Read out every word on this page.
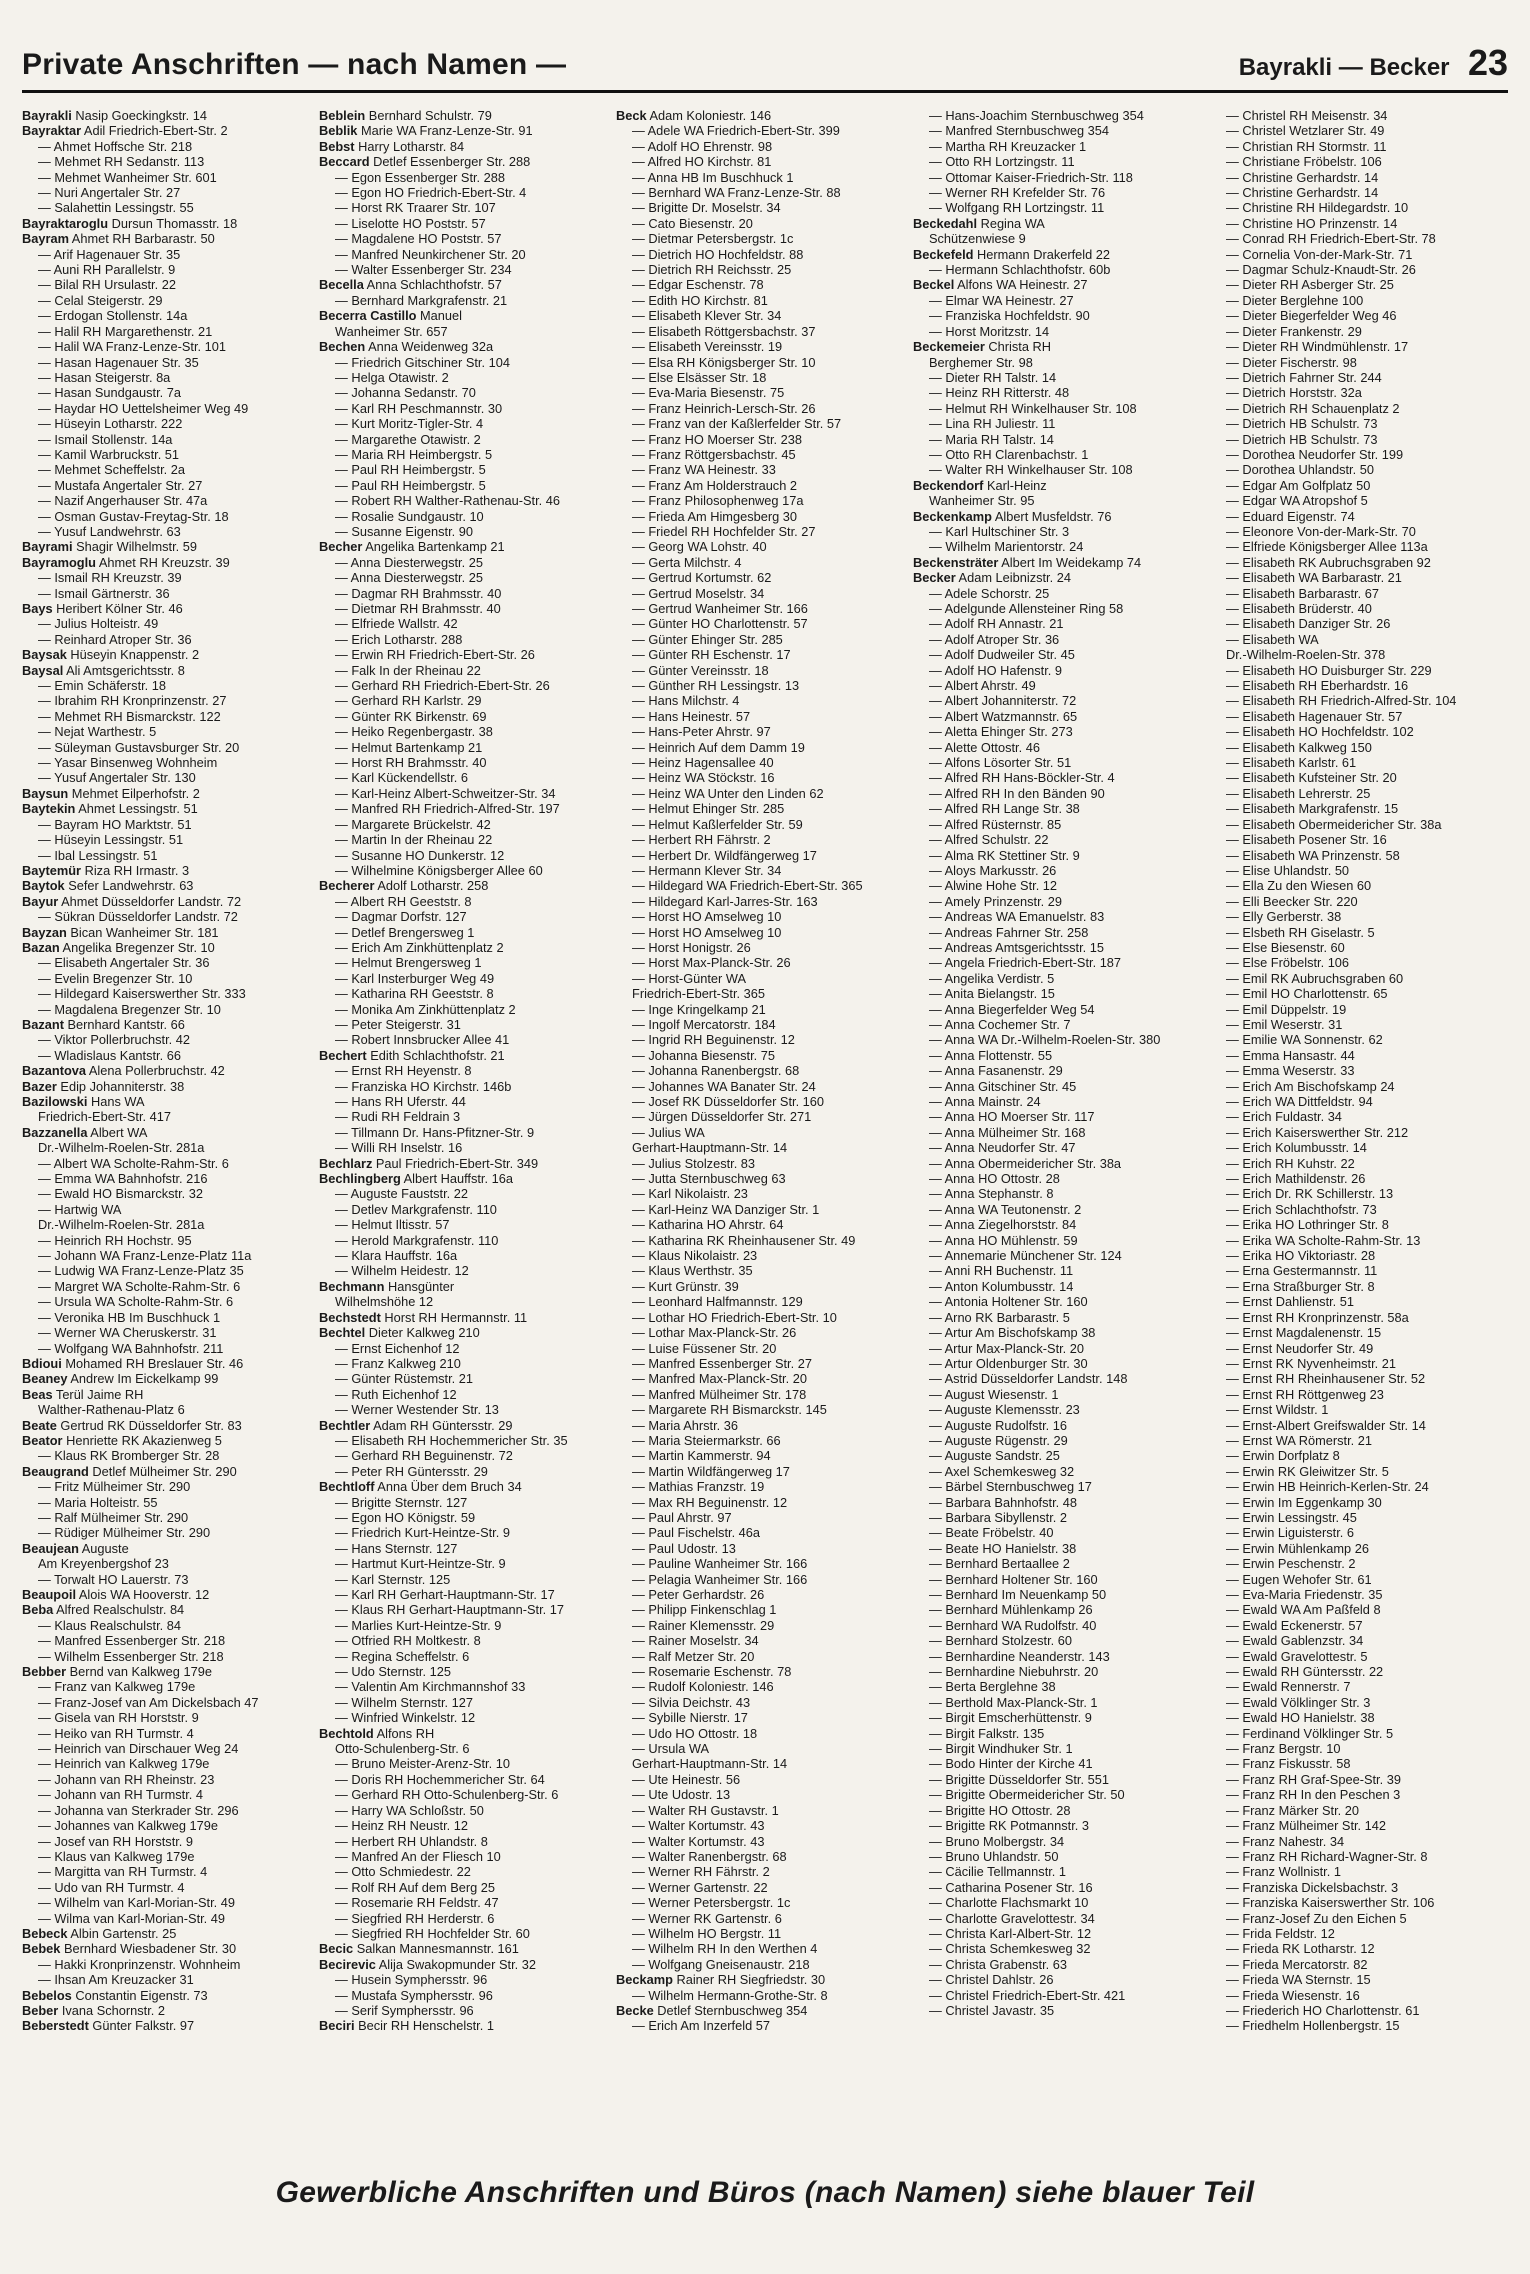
Private Anschriften — nach Namen —	Bayrakli — Becker 23
Bayrakli Nasip Goeckingkstr. 14
Bayraktar Adil Friedrich-Ebert-Str. 2
— Ahmet Hoffsche Str. 218
— Mehmet RH Sedanstr. 113
— Mehmet Wanheimer Str. 601
— Nuri Angertaler Str. 27
— Salahettin Lessingstr. 55
Bayraktaroglu Dursun Thomasstr. 18
Bayram Ahmet RH Barbarastr. 50
— Arif Hagenauer Str. 35
— Auni RH Parallelstr. 9
— Bilal RH Ursulastr. 22
— Celal Steigerstr. 29
— Erdogan Stollenstr. 14a
— Halil RH Margarethenstr. 21
— Halil WA Franz-Lenze-Str. 101
— Hasan Hagenauer Str. 35
— Hasan Steigerstr. 8a
— Hasan Sundgaustr. 7a
— Haydar HO Uettelsheimer Weg 49
— Hüseyin Lotharstr. 222
— Ismail Stollenstr. 14a
— Kamil Warbruckstr. 51
— Mehmet Scheffelstr. 2a
— Mustafa Angertaler Str. 27
— Nazif Angerhauser Str. 47a
— Osman Gustav-Freytag-Str. 18
— Yusuf Landwehrstr. 63
Bayrami Shagir Wilhelmstr. 59
Bayramoglu Ahmet RH Kreuzstr. 39
— Ismail RH Kreuzstr. 39
— Ismail Gärtnerstr. 36
Bays Heribert Kölner Str. 46
— Julius Holteistr. 49
— Reinhard Atroper Str. 36
Baysak Hüseyin Knappenstr. 2
Baysal Ali Amtsgerichtsstr. 8
— Emin Schäferstr. 18
— Ibrahim RH Kronprinzenstr. 27
— Mehmet RH Bismarckstr. 122
— Nejat Warthestr. 5
— Süleyman Gustavsburger Str. 20
— Yasar Binsenweg Wohnheim
— Yusuf Angertaler Str. 130
Baysun Mehmet Eilperhofstr. 2
Baytekin Ahmet Lessingstr. 51
— Bayram HO Marktstr. 51
— Hüseyin Lessingstr. 51
— Ibal Lessingstr. 51
Baytemür Riza RH Irmastr. 3
Baytok Sefer Landwehrstr. 63
Bayur Ahmet Düsseldorfer Landstr. 72
— Sükran Düsseldorfer Landstr. 72
Bayzan Bican Wanheimer Str. 181
Bazan Angelika Bregenzer Str. 10
— Elisabeth Angertaler Str. 36
— Evelin Bregenzer Str. 10
— Hildegard Kaiserswerther Str. 333
— Magdalena Bregenzer Str. 10
Bazant Bernhard Kantstr. 66
— Viktor Pollerbruchstr. 42
— Wladislaus Kantstr. 66
Bazantova Alena Pollerbruchstr. 42
Bazer Edip Johanniterstr. 38
Bazilowski Hans WA
Friedrich-Ebert-Str. 417
Bazzanella Albert WA
Dr.-Wilhelm-Roelen-Str. 281a
— Albert WA Scholte-Rahm-Str. 6
— Emma WA Bahnhofstr. 216
— Ewald HO Bismarckstr. 32
— Hartwig WA
Dr.-Wilhelm-Roelen-Str. 281a
— Heinrich RH Hochstr. 95
— Johann WA Franz-Lenze-Platz 11a
— Ludwig WA Franz-Lenze-Platz 35
— Margret WA Scholte-Rahm-Str. 6
— Ursula WA Scholte-Rahm-Str. 6
— Veronika HB Im Buschhuck 1
— Werner WA Cheruskerstr. 31
— Wolfgang WA Bahnhofstr. 211
Bdioui Mohamed RH Breslauer Str. 46
Beaney Andrew Im Eickelkamp 99
Beas Terül Jaime RH
Walther-Rathenau-Platz 6
Beate Gertrud RK Düsseldorfer Str. 83
Beator Henriette RK Akazienweg 5
— Klaus RK Bromberger Str. 28
Beaugrand Detlef Mülheimer Str. 290
— Fritz Mülheimer Str. 290
— Maria Holteistr. 55
— Ralf Mülheimer Str. 290
— Rüdiger Mülheimer Str. 290
Beaujean Auguste
Am Kreyenbergshof 23
— Torwalt HO Lauerstr. 73
Beaupoil Alois WA Hooverstr. 12
Beba Alfred Realschulstr. 84
— Klaus Realschulstr. 84
— Manfred Essenberger Str. 218
— Wilhelm Essenberger Str. 218
Bebber Bernd van Kalkweg 179e
— Franz van Kalkweg 179e
— Franz-Josef van Am Dickelsbach 47
— Gisela van RH Horststr. 9
— Heiko van RH Turmstr. 4
— Heinrich van Dirschauer Weg 24
— Heinrich van Kalkweg 179e
— Johann van RH Rheinstr. 23
— Johann van RH Turmstr. 4
— Johanna van Sterkrader Str. 296
— Johannes van Kalkweg 179e
— Josef van RH Horststr. 9
— Klaus van Kalkweg 179e
— Margitta van RH Turmstr. 4
— Udo van RH Turmstr. 4
— Wilhelm van Karl-Morian-Str. 49
— Wilma van Karl-Morian-Str. 49
Bebeck Albin Gartenstr. 25
Bebek Bernhard Wiesbadener Str. 30
— Hakki Kronprinzenstr. Wohnheim
— Ihsan Am Kreuzacker 31
Bebelos Constantin Eigenstr. 73
Beber Ivana Schornstr. 2
Beberstedt Günter Falkstr. 97
Beblein Bernhard Schulstr. 79
Beblik Marie WA Franz-Lenze-Str. 91
Bebst Harry Lotharstr. 84
Beccard Detlef Essenberger Str. 288
— Egon Essenberger Str. 288
— Egon HO Friedrich-Ebert-Str. 4
— Horst RK Traarer Str. 107
— Liselotte HO Poststr. 57
— Magdalene HO Poststr. 57
— Manfred Neunkirchener Str. 20
— Walter Essenberger Str. 234
Becella Anna Schlachthofstr. 57
— Bernhard Markgrafenstr. 21
Becerra Castillo Manuel
Wanheimer Str. 657
Bechen Anna Weidenweg 32a
— Friedrich Gitschiner Str. 104
— Helga Otawistr. 2
— Johanna Sedanstr. 70
— Karl RH Peschmannstr. 30
— Kurt Moritz-Tigler-Str. 4
— Margarethe Otawistr. 2
— Maria RH Heimbergstr. 5
— Paul RH Heimbergstr. 5
— Paul RH Heimbergstr. 5
— Robert RH Walther-Rathenau-Str. 46
— Rosalie Sundgaustr. 10
— Susanne Eigenstr. 90
Becher Angelika Bartenkamp 21
— Anna Diesterwegstr. 25
— Anna Diesterwegstr. 25
— Dagmar RH Brahmsstr. 40
— Dietmar RH Brahmsstr. 40
— Elfriede Wallstr. 42
— Erich Lotharstr. 288
— Erwin RH Friedrich-Ebert-Str. 26
— Falk In der Rheinau 22
— Gerhard RH Friedrich-Ebert-Str. 26
— Gerhard RH Karlstr. 29
— Günter RK Birkenstr. 69
— Heiko Regenbergastr. 38
— Helmut Bartenkamp 21
— Horst RH Brahmsstr. 40
— Karl Kückendellstr. 6
— Karl-Heinz Albert-Schweitzer-Str. 34
— Manfred RH Friedrich-Alfred-Str. 197
— Margarete Brückelstr. 42
— Martin In der Rheinau 22
— Susanne HO Dunkerstr. 12
— Wilhelmine Königsberger Allee 60
Becherer Adolf Lotharstr. 258
— Albert RH Geeststr. 8
— Dagmar Dorfstr. 127
— Detlef Brengersweg 1
— Erich Am Zinkhüttenplatz 2
— Helmut Brengersweg 1
— Karl Insterburger Weg 49
— Katharina RH Geeststr. 8
— Monika Am Zinkhüttenplatz 2
— Peter Steigerstr. 31
— Robert Innsbrucker Allee 41
Bechert Edith Schlachthofstr. 21
— Ernst RH Heyenstr. 8
— Franziska HO Kirchstr. 146b
— Hans RH Uferstr. 44
— Rudi RH Feldrain 3
— Tillmann Dr. Hans-Pfitzner-Str. 9
— Willi RH Inselstr. 16
Bechlarz Paul Friedrich-Ebert-Str. 349
Bechlingberg Albert Hauffstr. 16a
— Auguste Fauststr. 22
— Detlev Markgrafenstr. 110
— Helmut Iltisstr. 57
— Herold Markgrafenstr. 110
— Klara Hauffstr. 16a
— Wilhelm Heidestr. 12
Bechmann Hansgünter
Wilhelmshöhe 12
Bechstedt Horst RH Hermannstr. 11
Bechtel Dieter Kalkweg 210
— Ernst Eichenhof 12
— Franz Kalkweg 210
— Günter Rüstemstr. 21
— Ruth Eichenhof 12
— Werner Westender Str. 13
Bechtler Adam RH Güntersstr. 29
— Elisabeth RH Hochemmericher Str. 35
— Gerhard RH Beguinenstr. 72
— Peter RH Güntersstr. 29
Bechtloff Anna Über dem Bruch 34
— Brigitte Sternstr. 127
— Egon HO Königstr. 59
— Friedrich Kurt-Heintze-Str. 9
— Hans Sternstr. 127
— Hartmut Kurt-Heintze-Str. 9
— Karl Sternstr. 125
— Karl RH Gerhart-Hauptmann-Str. 17
— Klaus RH Gerhart-Hauptmann-Str. 17
— Marlies Kurt-Heintze-Str. 9
— Otfried RH Moltkestr. 8
— Regina Scheffelstr. 6
— Udo Sternstr. 125
— Valentin Am Kirchmannshof 33
— Wilhelm Sternstr. 127
— Winfried Winkelstr. 12
Bechtold Alfons RH
Otto-Schulenberg-Str. 6
— Bruno Meister-Arenz-Str. 10
— Doris RH Hochemmericher Str. 64
— Gerhard RH Otto-Schulenberg-Str. 6
— Harry WA Schloßstr. 50
— Heinz RH Neustr. 12
— Herbert RH Uhlandstr. 8
— Manfred An der Fliesch 10
— Otto Schmiedestr. 22
— Rolf RH Auf dem Berg 25
— Rosemarie RH Feldstr. 47
— Siegfried RH Herderstr. 6
— Siegfried RH Hochfelder Str. 60
Becic Salkan Mannesmannstr. 161
Becirevic Alija Swakopmunder Str. 32
— Husein Symphersstr. 96
— Mustafa Symphersstr. 96
— Serif Symphersstr. 96
Beciri Becir RH Henschelstr. 1
Beck Adam Koloniestr. 146
— Adele WA Friedrich-Ebert-Str. 399
— Adolf HO Ehrenstr. 98
— Alfred HO Kirchstr. 81
— Anna HB Im Buschhuck 1
— Bernhard WA Franz-Lenze-Str. 88
— Brigitte Dr. Moselstr. 34
— Cato Biesenstr. 20
— Dietmar Petersbergstr. 1c
— Dietrich HO Hochfeldstr. 88
— Dietrich RH Reichsstr. 25
— Edgar Eschenstr. 78
— Edith HO Kirchstr. 81
— Elisabeth Klever Str. 34
— Elisabeth Röttgersbachstr. 37
— Elisabeth Vereinsstr. 19
— Elsa RH Königsberger Str. 10
— Else Elsässer Str. 18
— Eva-Maria Biesenstr. 75
— Franz Heinrich-Lersch-Str. 26
— Franz van der Kaßlerfelder Str. 57
— Franz HO Moerser Str. 238
— Franz Röttgersbachstr. 45
— Franz WA Heinestr. 33
— Franz Am Holderstrauch 2
— Franz Philosophenweg 17a
— Frieda Am Himgesberg 30
— Friedel RH Hochfelder Str. 27
— Georg WA Lohstr. 40
— Gerta Milchstr. 4
— Gertrud Kortumstr. 62
— Gertrud Moselstr. 34
— Gertrud Wanheimer Str. 166
— Günter HO Charlottenstr. 57
— Günter Ehinger Str. 285
— Günter RH Eschenstr. 17
— Günter Vereinsstr. 18
— Günther RH Lessingstr. 13
— Hans Milchstr. 4
— Hans Heinestr. 57
— Hans-Peter Ahrstr. 97
— Heinrich Auf dem Damm 19
— Heinz Hagensallee 40
— Heinz WA Stöckstr. 16
— Heinz WA Unter den Linden 62
— Helmut Ehinger Str. 285
— Helmut Kaßlerfelder Str. 59
— Herbert RH Fährstr. 2
— Herbert Dr. Wildfängerweg 17
— Hermann Klever Str. 34
— Hildegard WA Friedrich-Ebert-Str. 365
— Hildegard Karl-Jarres-Str. 163
— Horst HO Amselweg 10
— Horst HO Amselweg 10
— Horst Honigstr. 26
— Horst Max-Planck-Str. 26
— Horst-Günter WA
Friedrich-Ebert-Str. 365
— Inge Kringelkamp 21
— Ingolf Mercatorstr. 184
— Ingrid RH Beguinenstr. 12
— Johanna Biesenstr. 75
— Johanna Ranenbergstr. 68
— Johannes WA Banater Str. 24
— Josef RK Düsseldorfer Str. 160
— Jürgen Düsseldorfer Str. 271
— Julius WA
Gerhart-Hauptmann-Str. 14
— Julius Stolzestr. 83
— Jutta Sternbuschweg 63
— Karl Nikolaistr. 23
— Karl-Heinz WA Danziger Str. 1
— Katharina HO Ahrstr. 64
— Katharina RK Rheinhausener Str. 49
— Klaus Nikolaistr. 23
— Klaus Werthstr. 35
— Kurt Grünstr. 39
— Leonhard Halfmannstr. 129
— Lothar HO Friedrich-Ebert-Str. 10
— Lothar Max-Planck-Str. 26
— Luise Füssener Str. 20
— Manfred Essenberger Str. 27
— Manfred Max-Planck-Str. 20
— Manfred Mülheimer Str. 178
— Margarete RH Bismarckstr. 145
— Maria Ahrstr. 36
— Maria Steiermarkstr. 66
— Martin Kammerstr. 94
— Martin Wildfängerweg 17
— Mathias Franzstr. 19
— Max RH Beguinenstr. 12
— Paul Ahrstr. 97
— Paul Fischelstr. 46a
— Paul Udostr. 13
— Pauline Wanheimer Str. 166
— Pelagia Wanheimer Str. 166
— Peter Gerhardstr. 26
— Philipp Finkenschlag 1
— Rainer Klemensstr. 29
— Rainer Moselstr. 34
— Ralf Metzer Str. 20
— Rosemarie Eschenstr. 78
— Rudolf Koloniestr. 146
— Silvia Deichstr. 43
— Sybille Nierstr. 17
— Udo HO Ottostr. 18
— Ursula WA
Gerhart-Hauptmann-Str. 14
— Ute Heinestr. 56
— Ute Udostr. 13
— Walter RH Gustavstr. 1
— Walter Kortumstr. 43
— Walter Kortumstr. 43
— Walter Ranenbergstr. 68
— Werner RH Fährstr. 2
— Werner Gartenstr. 22
— Werner Petersbergstr. 1c
— Werner RK Gartenstr. 6
— Wilhelm HO Bergstr. 11
— Wilhelm RH In den Werthen 4
— Wolfgang Gneisenaustr. 218
Beckamp Rainer RH Siegfriedstr. 30
— Wilhelm Hermann-Grothe-Str. 8
Becke Detlef Sternbuschweg 354
— Erich Am Inzerfeld 57
— Hans-Joachim Sternbuschweg 354
— Manfred Sternbuschweg 354
— Martha RH Kreuzacker 1
— Otto RH Lortzingstr. 11
— Ottomar Kaiser-Friedrich-Str. 118
— Werner RH Krefelder Str. 76
— Wolfgang RH Lortzingstr. 11
Beckedahl Regina WA
Schützenwiese 9
Beckefeld Hermann Drakerfeld 22
— Hermann Schlachthofstr. 60b
Beckel Alfons WA Heinestr. 27
— Elmar WA Heinestr. 27
— Franziska Hochfeldstr. 90
— Horst Moritzstr. 14
Beckemeier Christa RH
Berghemer Str. 98
— Dieter RH Talstr. 14
— Heinz RH Ritterstr. 48
— Helmut RH Winkelhauser Str. 108
— Lina RH Juliestr. 11
— Maria RH Talstr. 14
— Otto RH Clarenbachstr. 1
— Walter RH Winkelhauser Str. 108
Beckendorf Karl-Heinz
Wanheimer Str. 95
Beckenkamp Albert Musfeldstr. 76
— Karl Hultschiner Str. 3
— Wilhelm Marientorstr. 24
Beckensträter Albert Im Weidekamp 74
Becker Adam Leibnizstr. 24
— Adele Schorstr. 25
— Adelgunde Allensteiner Ring 58
— Adolf RH Annastr. 21
— Adolf Atroper Str. 36
— Adolf Dudweiler Str. 45
— Adolf HO Hafenstr. 9
— Albert Ahrstr. 49
— Albert Johanniterstr. 72
— Albert Watzmannstr. 65
— Aletta Ehinger Str. 273
— Alette Ottostr. 46
— Alfons Lösorter Str. 51
— Alfred RH Hans-Böckler-Str. 4
— Alfred RH In den Bänden 90
— Alfred RH Lange Str. 38
— Alfred Rüsternstr. 85
— Alfred Schulstr. 22
— Alma RK Stettiner Str. 9
— Aloys Markusstr. 26
— Alwine Hohe Str. 12
— Amely Prinzenstr. 29
— Andreas WA Emanuelstr. 83
— Andreas Fahrner Str. 258
— Andreas Amtsgerichtsstr. 15
— Angela Friedrich-Ebert-Str. 187
— Angelika Verdistr. 5
— Anita Bielangstr. 15
— Anna Biegerfelder Weg 54
— Anna Cochemer Str. 7
— Anna WA Dr.-Wilhelm-Roelen-Str. 380
— Anna Flottenstr. 55
— Anna Fasanenstr. 29
— Anna Gitschiner Str. 45
— Anna Mainstr. 24
— Anna HO Moerser Str. 117
— Anna Mülheimer Str. 168
— Anna Neudorfer Str. 47
— Anna Obermeidericher Str. 38a
— Anna HO Ottostr. 28
— Anna Stephanstr. 8
— Anna WA Teutonenstr. 2
— Anna Ziegelhorststr. 84
— Anna HO Mühlenstr. 59
— Annemarie Münchener Str. 124
— Anni RH Buchenstr. 11
— Anton Kolumbusstr. 14
— Antonia Holtener Str. 160
— Arno RK Barbarastr. 5
— Artur Am Bischofskamp 38
— Artur Max-Planck-Str. 20
— Artur Oldenburger Str. 30
— Astrid Düsseldorfer Landstr. 148
— August Wiesenstr. 1
— Auguste Klemensstr. 23
— Auguste Rudolfstr. 16
— Auguste Rügenstr. 29
— Auguste Sandstr. 25
— Axel Schemkesweg 32
— Bärbel Sternbuschweg 17
— Barbara Bahnhofstr. 48
— Barbara Sibyllenstr. 2
— Beate Fröbelstr. 40
— Beate HO Hanielstr. 38
— Bernhard Bertaallee 2
— Bernhard Holtener Str. 160
— Bernhard Im Neuenkamp 50
— Bernhard Mühlenkamp 26
— Bernhard WA Rudolfstr. 40
— Bernhard Stolzestr. 60
— Bernhardine Neanderstr. 143
— Bernhardine Niebuhrstr. 20
— Berta Berglehne 38
— Berthold Max-Planck-Str. 1
— Birgit Emscherhüttenstr. 9
— Birgit Falkstr. 135
— Birgit Windhuker Str. 1
— Bodo Hinter der Kirche 41
— Brigitte Düsseldorfer Str. 551
— Brigitte Obermeidericher Str. 50
— Brigitte HO Ottostr. 28
— Brigitte RK Potmannstr. 3
— Bruno Molbergstr. 34
— Bruno Uhlandstr. 50
— Cäcilie Tellmannstr. 1
— Catharina Posener Str. 16
— Charlotte Flachsmarkt 10
— Charlotte Gravelottestr. 34
— Christa Karl-Albert-Str. 12
— Christa Schemkesweg 32
— Christa Grabenstr. 63
— Christel Dahlstr. 26
— Christel Friedrich-Ebert-Str. 421
— Christel Javastr. 35
— Christel RH Meisenstr. 34
— Christel Wetzlarer Str. 49
— Christian RH Stormstr. 11
— Christiane Fröbelstr. 106
— Christine Gerhardstr. 14
— Christine Gerhardstr. 14
— Christine RH Hildegardstr. 10
— Christine HO Prinzenstr. 14
— Conrad RH Friedrich-Ebert-Str. 78
— Cornelia Von-der-Mark-Str. 71
— Dagmar Schulz-Knaudt-Str. 26
— Dieter RH Asberger Str. 25
— Dieter Berglehne 100
— Dieter Biegerfelder Weg 46
— Dieter Frankenstr. 29
— Dieter RH Windmühlenstr. 17
— Dieter Fischerstr. 98
— Dietrich Fahrner Str. 244
— Dietrich Horststr. 32a
— Dietrich RH Schauenplatz 2
— Dietrich HB Schulstr. 73
— Dietrich HB Schulstr. 73
— Dorothea Neudorfer Str. 199
— Dorothea Uhlandstr. 50
— Edgar Am Golfplatz 50
— Edgar WA Atropshof 5
— Eduard Eigenstr. 74
— Eleonore Von-der-Mark-Str. 70
— Elfriede Königsberger Allee 113a
— Elisabeth RK Aubruchsgraben 92
— Elisabeth WA Barbarastr. 21
— Elisabeth Barbarastr. 67
— Elisabeth Brüderstr. 40
— Elisabeth Danziger Str. 26
— Elisabeth WA
Dr.-Wilhelm-Roelen-Str. 378
— Elisabeth HO Duisburger Str. 229
— Elisabeth RH Eberhardstr. 16
— Elisabeth RH Friedrich-Alfred-Str. 104
— Elisabeth Hagenauer Str. 57
— Elisabeth HO Hochfeldstr. 102
— Elisabeth Kalkweg 150
— Elisabeth Karlstr. 61
— Elisabeth Kufsteiner Str. 20
— Elisabeth Lehrerstr. 25
— Elisabeth Markgrafenstr. 15
— Elisabeth Obermeidericher Str. 38a
— Elisabeth Posener Str. 16
— Elisabeth WA Prinzenstr. 58
— Elise Uhlandstr. 50
— Ella Zu den Wiesen 60
— Elli Beecker Str. 220
— Elly Gerberstr. 38
— Elsbeth RH Giselastr. 5
— Else Biesenstr. 60
— Else Fröbelstr. 106
— Emil RK Aubruchsgraben 60
— Emil HO Charlottenstr. 65
— Emil Düppelstr. 19
— Emil Weserstr. 31
— Emilie WA Sonnenstr. 62
— Emma Hansastr. 44
— Emma Weserstr. 33
— Erich Am Bischofskamp 24
— Erich WA Dittfeldstr. 94
— Erich Fuldastr. 34
— Erich Kaiserswerther Str. 212
— Erich Kolumbusstr. 14
— Erich RH Kuhstr. 22
— Erich Mathildenstr. 26
— Erich Dr. RK Schillerstr. 13
— Erich Schlachthofstr. 73
— Erika HO Lothringer Str. 8
— Erika WA Scholte-Rahm-Str. 13
— Erika HO Viktoriastr. 28
— Erna Gestermannstr. 11
— Erna Straßburger Str. 8
— Ernst Dahlienstr. 51
— Ernst RH Kronprinzenstr. 58a
— Ernst Magdalenenstr. 15
— Ernst Neudorfer Str. 49
— Ernst RK Nyvenheimstr. 21
— Ernst RH Rheinhausener Str. 52
— Ernst RH Röttgenweg 23
— Ernst Wildstr. 1
— Ernst-Albert Greifswalder Str. 14
— Ernst WA Römerstr. 21
— Erwin Dorfplatz 8
— Erwin RK Gleiwitzer Str. 5
— Erwin HB Heinrich-Kerlen-Str. 24
— Erwin Im Eggenkamp 30
— Erwin Lessingstr. 45
— Erwin Liguisterstr. 6
— Erwin Mühlenkamp 26
— Erwin Peschenstr. 2
— Eugen Wehofer Str. 61
— Eva-Maria Friedenstr. 35
— Ewald WA Am Paßfeld 8
— Ewald Eckenerstr. 57
— Ewald Gablenzstr. 34
— Ewald Gravelottestr. 5
— Ewald RH Güntersstr. 22
— Ewald Rennerstr. 7
— Ewald Völklinger Str. 3
— Ewald HO Hanielstr. 38
— Ferdinand Völklinger Str. 5
— Franz Bergstr. 10
— Franz Fiskusstr. 58
— Franz RH Graf-Spee-Str. 39
— Franz RH In den Peschen 3
— Franz Märker Str. 20
— Franz Mülheimer Str. 142
— Franz Nahestr. 34
— Franz RH Richard-Wagner-Str. 8
— Franz Wollnistr. 1
— Franziska Dickelsbachstr. 3
— Franziska Kaiserswerther Str. 106
— Franz-Josef Zu den Eichen 5
— Frida Feldstr. 12
— Frieda RK Lotharstr. 12
— Frieda Mercatorstr. 82
— Frieda WA Sternstr. 15
— Frieda Wiesenstr. 16
— Friederich HO Charlottenstr. 61
— Friedhelm Hollenbergstr. 15
Gewerbliche Anschriften und Büros (nach Namen) siehe blauer Teil
